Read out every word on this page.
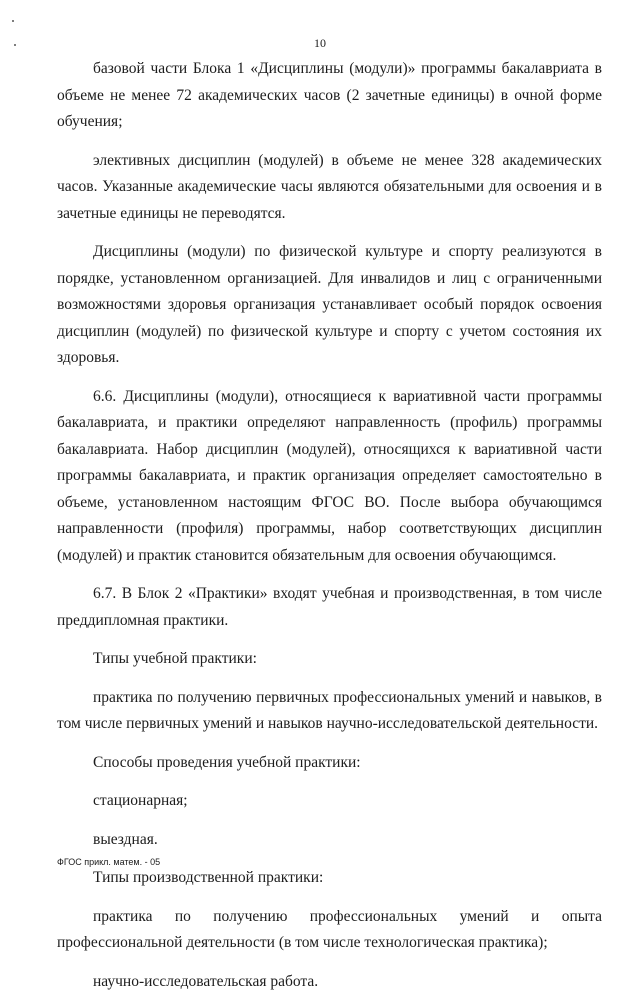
10

базовой части Блока 1 «Дисциплины (модули)» программы бакалавриата в объеме не менее 72 академических часов (2 зачетные единицы) в очной форме обучения;

элективных дисциплин (модулей) в объеме не менее 328 академических часов. Указанные академические часы являются обязательными для освоения и в зачетные единицы не переводятся.

Дисциплины (модули) по физической культуре и спорту реализуются в порядке, установленном организацией. Для инвалидов и лиц с ограниченными возможностями здоровья организация устанавливает особый порядок освоения дисциплин (модулей) по физической культуре и спорту с учетом состояния их здоровья.

6.6. Дисциплины (модули), относящиеся к вариативной части программы бакалавриата, и практики определяют направленность (профиль) программы бакалавриата. Набор дисциплин (модулей), относящихся к вариативной части программы бакалавриата, и практик организация определяет самостоятельно в объеме, установленном настоящим ФГОС ВО. После выбора обучающимся направленности (профиля) программы, набор соответствующих дисциплин (модулей) и практик становится обязательным для освоения обучающимся.

6.7. В Блок 2 «Практики» входят учебная и производственная, в том числе преддипломная практики.

Типы учебной практики:

практика по получению первичных профессиональных умений и навыков, в том числе первичных умений и навыков научно-исследовательской деятельности.

Способы проведения учебной практики:

стационарная;

выездная.

Типы производственной практики:

практика по получению профессиональных умений и опыта профессиональной деятельности (в том числе технологическая практика);

научно-исследовательская работа.

ФГОС прикл. матем. - 05
